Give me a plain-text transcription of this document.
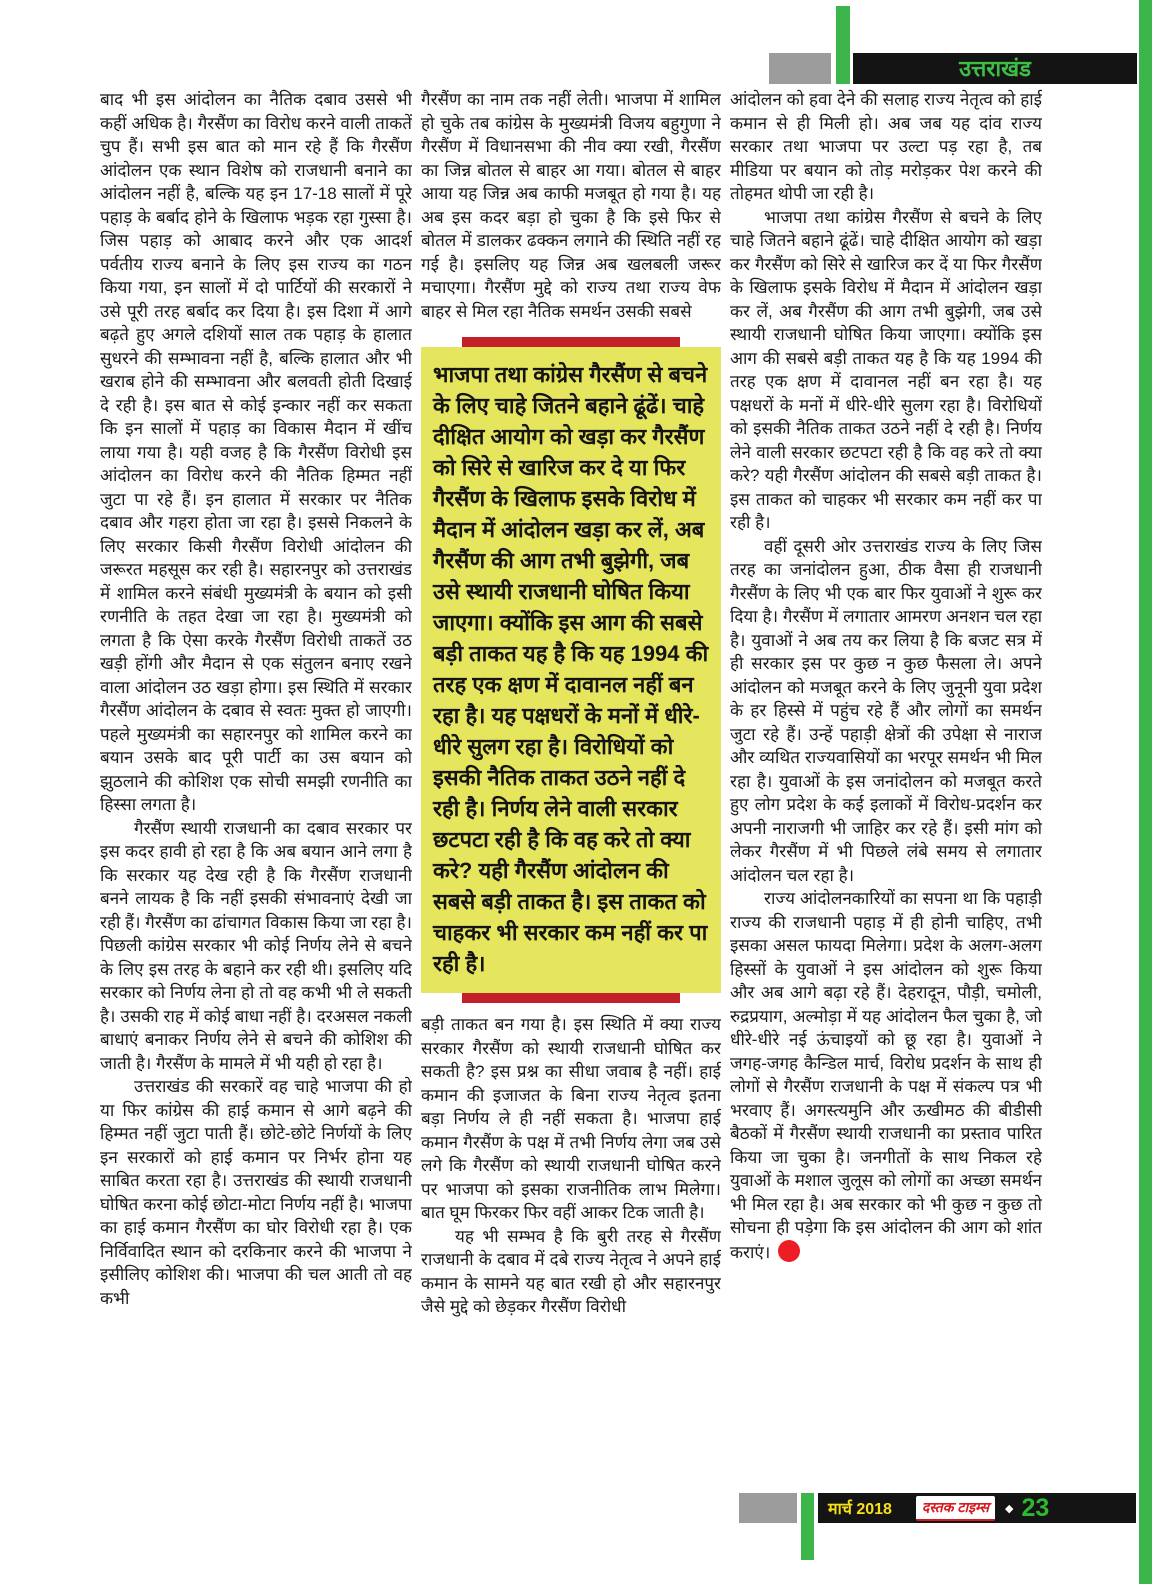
उत्तराखंड

बाद भी इस आंदोलन का नैतिक दबाव उससे भी कहीं अधिक है। गैरसैंण का विरोध करने वाली ताकतें चुप हैं। सभी इस बात को मान रहे हैं कि गैरसैंण आंदोलन एक स्थान विशेष को राजधानी बनाने का आंदोलन नहीं है, बल्कि यह इन 17-18 सालों में पूरे पहाड़ के बर्बाद होने के खिलाफ भड़क रहा गुस्सा है। जिस पहाड़ को आबाद करने और एक आदर्श पर्वतीय राज्य बनाने के लिए इस राज्य का गठन किया गया, इन सालों में दो पार्टियों की सरकारों ने उसे पूरी तरह बर्बाद कर दिया है। इस दिशा में आगे बढ़ते हुए अगले दशियों साल तक पहाड़ के हालात सुधरने की सम्भावना नहीं है, बल्कि हालात और भी खराब होने की सम्भावना और बलवती होती दिखाई दे रही है। इस बात से कोई इन्कार नहीं कर सकता कि इन सालों में पहाड़ का विकास मैदान में खींच लाया गया है। यही वजह है कि गैरसैंण विरोधी इस आंदोलन का विरोध करने की नैतिक हिम्मत नहीं जुटा पा रहे हैं। इन हालात में सरकार पर नैतिक दबाव और गहरा होता जा रहा है। इससे निकलने के लिए सरकार किसी गैरसैंण विरोधी आंदोलन की जरूरत महसूस कर रही है। सहारनपुर को उत्तराखंड में शामिल करने संबंधी मुख्यमंत्री के बयान को इसी रणनीति के तहत देखा जा रहा है। मुख्यमंत्री को लगता है कि ऐसा करके गैरसैंण विरोधी ताकतें उठ खड़ी होंगी और मैदान से एक संतुलन बनाए रखने वाला आंदोलन उठ खड़ा होगा। इस स्थिति में सरकार गैरसैंण आंदोलन के दबाव से स्वतः मुक्त हो जाएगी। पहले मुख्यमंत्री का सहारनपुर को शामिल करने का बयान उसके बाद पूरी पार्टी का उस बयान को झुठलाने की कोशिश एक सोची समझी रणनीति का हिस्सा लगता है।

गैरसैंण स्थायी राजधानी का दबाव सरकार पर इस कदर हावी हो रहा है कि अब बयान आने लगा है कि सरकार यह देख रही है कि गैरसैंण राजधानी बनने लायक है कि नहीं इसकी संभावनाएं देखी जा रही हैं। गैरसैंण का ढांचागत विकास किया जा रहा है। पिछली कांग्रेस सरकार भी कोई निर्णय लेने से बचने के लिए इस तरह के बहाने कर रही थी। इसलिए यदि सरकार को निर्णय लेना हो तो वह कभी भी ले सकती है। उसकी राह में कोई बाधा नहीं है। दरअसल नकली बाधाएं बनाकर निर्णय लेने से बचने की कोशिश की जाती है। गैरसैंण के मामले में भी यही हो रहा है।

उत्तराखंड की सरकारें वह चाहे भाजपा की हो या फिर कांग्रेस की हाई कमान से आगे बढ़ने की हिम्मत नहीं जुटा पाती हैं। छोटे-छोटे निर्णयों के लिए इन सरकारों को हाई कमान पर निर्भर होना यह साबित करता रहा है। उत्तराखंड की स्थायी राजधानी घोषित करना कोई छोटा-मोटा निर्णय नहीं है। भाजपा का हाई कमान गैरसैंण का घोर विरोधी रहा है। एक निर्विवादित स्थान को दरकिनार करने की भाजपा ने इसीलिए कोशिश की। भाजपा की चल आती तो वह कभी

गैरसैंण का नाम तक नहीं लेती। भाजपा में शामिल हो चुके तब कांग्रेस के मुख्यमंत्री विजय बहुगुणा ने गैरसैंण में विधानसभा की नीव क्या रखी, गैरसैंण का जिन्न बोतल से बाहर आ गया। बोतल से बाहर आया यह जिन्न अब काफी मजबूत हो गया है। यह अब इस कदर बड़ा हो चुका है कि इसे फिर से बोतल में डालकर ढक्कन लगाने की स्थिति नहीं रह गई है। इसलिए यह जिन्न अब खलबली जरूर मचाएगा। गैरसैंण मुद्दे को राज्य तथा राज्य वेफ बाहर से मिल रहा नैतिक समर्थन उसकी सबसे

भाजपा तथा कांग्रेस गैरसैंण से बचने के लिए चाहे जितने बहाने ढूंढें। चाहे दीक्षित आयोग को खड़ा कर गैरसैंण को सिरे से खारिज कर दे या फिर गैरसैंण के खिलाफ इसके विरोध में मैदान में आंदोलन खड़ा कर लें, अब गैरसैंण की आग तभी बुझेगी, जब उसे स्थायी राजधानी घोषित किया जाएगा। क्योंकि इस आग की सबसे बड़ी ताकत यह है कि यह 1994 की तरह एक क्षण में दावानल नहीं बन रहा है। यह पक्षधरों के मनों में धीरे-धीरे सुलग रहा है। विरोधियों को इसकी नैतिक ताकत उठने नहीं दे रही है। निर्णय लेने वाली सरकार छटपटा रही है कि वह करे तो क्या करे? यही गैरसैंण आंदोलन की सबसे बड़ी ताकत है। इस ताकत को चाहकर भी सरकार कम नहीं कर पा रही है।

बड़ी ताकत बन गया है। इस स्थिति में क्या राज्य सरकार गैरसैंण को स्थायी राजधानी घोषित कर सकती है? इस प्रश्न का सीधा जवाब है नहीं। हाई कमान की इजाजत के बिना राज्य नेतृत्व इतना बड़ा निर्णय ले ही नहीं सकता है। भाजपा हाई कमान गैरसैंण के पक्ष में तभी निर्णय लेगा जब उसे लगे कि गैरसैंण को स्थायी राजधानी घोषित करने पर भाजपा को इसका राजनीतिक लाभ मिलेगा। बात घूम फिरकर फिर वहीं आकर टिक जाती है।

यह भी सम्भव है कि बुरी तरह से गैरसैंण राजधानी के दबाव में दबे राज्य नेतृत्व ने अपने हाई कमान के सामने यह बात रखी हो और सहारनपुर जैसे मुद्दे को छेड़कर गैरसैंण विरोधी

आंदोलन को हवा देने की सलाह राज्य नेतृत्व को हाई कमान से ही मिली हो। अब जब यह दांव राज्य सरकार तथा भाजपा पर उल्टा पड़ रहा है, तब मीडिया पर बयान को तोड़ मरोड़कर पेश करने की तोहमत थोपी जा रही है।

भाजपा तथा कांग्रेस गैरसैंण से बचने के लिए चाहे जितने बहाने ढूंढें। चाहे दीक्षित आयोग को खड़ा कर गैरसैंण को सिरे से खारिज कर दें या फिर गैरसैंण के खिलाफ इसके विरोध में मैदान में आंदोलन खड़ा कर लें, अब गैरसैंण की आग तभी बुझेगी, जब उसे स्थायी राजधानी घोषित किया जाएगा। क्योंकि इस आग की सबसे बड़ी ताकत यह है कि यह 1994 की तरह एक क्षण में दावानल नहीं बन रहा है। यह पक्षधरों के मनों में धीरे-धीरे सुलग रहा है। विरोधियों को इसकी नैतिक ताकत उठने नहीं दे रही है। निर्णय लेने वाली सरकार छटपटा रही है कि वह करे तो क्या करे? यही गैरसैंण आंदोलन की सबसे बड़ी ताकत है। इस ताकत को चाहकर भी सरकार कम नहीं कर पा रही है।

वहीं दूसरी ओर उत्तराखंड राज्य के लिए जिस तरह का जनांदोलन हुआ, ठीक वैसा ही राजधानी गैरसैंण के लिए भी एक बार फिर युवाओं ने शुरू कर दिया है। गैरसैंण में लगातार आमरण अनशन चल रहा है। युवाओं ने अब तय कर लिया है कि बजट सत्र में ही सरकार इस पर कुछ न कुछ फैसला ले। अपने आंदोलन को मजबूत करने के लिए जुनूनी युवा प्रदेश के हर हिस्से में पहुंच रहे हैं और लोगों का समर्थन जुटा रहे हैं। उन्हें पहाड़ी क्षेत्रों की उपेक्षा से नाराज और व्यथित राज्यवासियों का भरपूर समर्थन भी मिल रहा है। युवाओं के इस जनांदोलन को मजबूत करते हुए लोग प्रदेश के कई इलाकों में विरोध-प्रदर्शन कर अपनी नाराजगी भी जाहिर कर रहे हैं। इसी मांग को लेकर गैरसैंण में भी पिछले लंबे समय से लगातार आंदोलन चल रहा है।

राज्य आंदोलनकारियों का सपना था कि पहाड़ी राज्य की राजधानी पहाड़ में ही होनी चाहिए, तभी इसका असल फायदा मिलेगा। प्रदेश के अलग-अलग हिस्सों के युवाओं ने इस आंदोलन को शुरू किया और अब आगे बढ़ा रहे हैं। देहरादून, पौड़ी, चमोली, रुद्रप्रयाग, अल्मोड़ा में यह आंदोलन फैल चुका है, जो धीरे-धीरे नई ऊंचाइयों को छू रहा है। युवाओं ने जगह-जगह कैन्डिल मार्च, विरोध प्रदर्शन के साथ ही लोगों से गैरसैंण राजधानी के पक्ष में संकल्प पत्र भी भरवाए हैं। अगस्त्यमुनि और ऊखीमठ की बीडीसी बैठकों में गैरसैंण स्थायी राजधानी का प्रस्ताव पारित किया जा चुका है। जनगीतों के साथ निकल रहे युवाओं के मशाल जुलूस को लोगों का अच्छा समर्थन भी मिल रहा है। अब सरकार को भी कुछ न कुछ तो सोचना ही पड़ेगा कि इस आंदोलन की आग को शांत कराएं।

मार्च 2018	दस्तक टाइम्स	◆ 23
